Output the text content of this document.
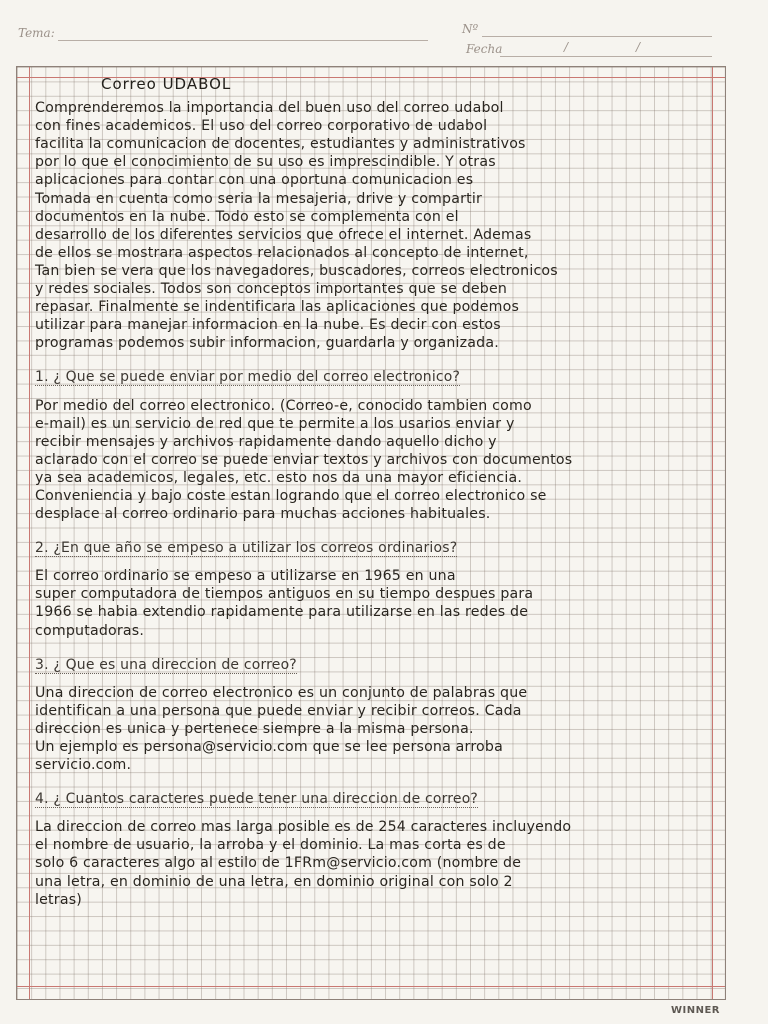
Tema:	Nº
Fecha	/	/
Correo UDABOL
Comprenderemos la importancia del buen uso del correo udabol
con fines academicos. El uso del correo corporativo de udabol
facilita la comunicacion de docentes, estudiantes y administrativos
por lo que el conocimiento de su uso es imprescindible. Y otras
aplicaciones para contar con una oportuna comunicacion es
Tomada en cuenta como seria la mesajeria, drive y compartir
documentos en la nube. Todo esto se complementa con el
desarrollo de los diferentes servicios que ofrece el internet. Ademas
de ellos se mostrara aspectos relacionados al concepto de internet,
Tan bien se vera que los navegadores, buscadores, correos electronicos
y redes sociales. Todos son conceptos importantes que se deben
repasar. Finalmente se indentificara las aplicaciones que podemos
utilizar para manejar informacion en la nube. Es decir con estos
programas podemos subir informacion, guardarla y organizada.
1. ¿ Que se puede enviar por medio del correo electronico?
Por medio del correo electronico. (Correo-e, conocido tambien como
e-mail) es un servicio de red que te permite a los usarios enviar y
recibir mensajes y archivos rapidamente dando aquello dicho y
aclarado con el correo se puede enviar textos y archivos con documentos
ya sea academicos, legales, etc. esto nos da una mayor eficiencia.
Conveniencia y bajo coste estan logrando que el correo electronico se
desplace al correo ordinario para muchas acciones habituales.
2. ¿En que año se empeso a utilizar los correos ordinarios?
El correo ordinario se empeso a utilizarse en 1965 en una
super computadora de tiempos antiguos en su tiempo despues para
1966 se habia extendio rapidamente para utilizarse en las redes de
computadoras.
3. ¿ Que es una direccion de correo?
Una direccion de correo electronico es un conjunto de palabras que
identifican a una persona que puede enviar y recibir correos. Cada
direccion es unica y pertenece siempre a la misma persona.
Un ejemplo es persona@servicio.com que se lee persona arroba
servicio.com.
4. ¿ Cuantos caracteres puede tener una direccion de correo?
La direccion de correo mas larga posible es de 254 caracteres incluyendo
el nombre de usuario, la arroba y el dominio. La mas corta es de
solo 6 caracteres algo al estilo de 1FRm@servicio.com (nombre de
una letra, en dominio de una letra, en dominio original con solo 2
letras)
WINNER
